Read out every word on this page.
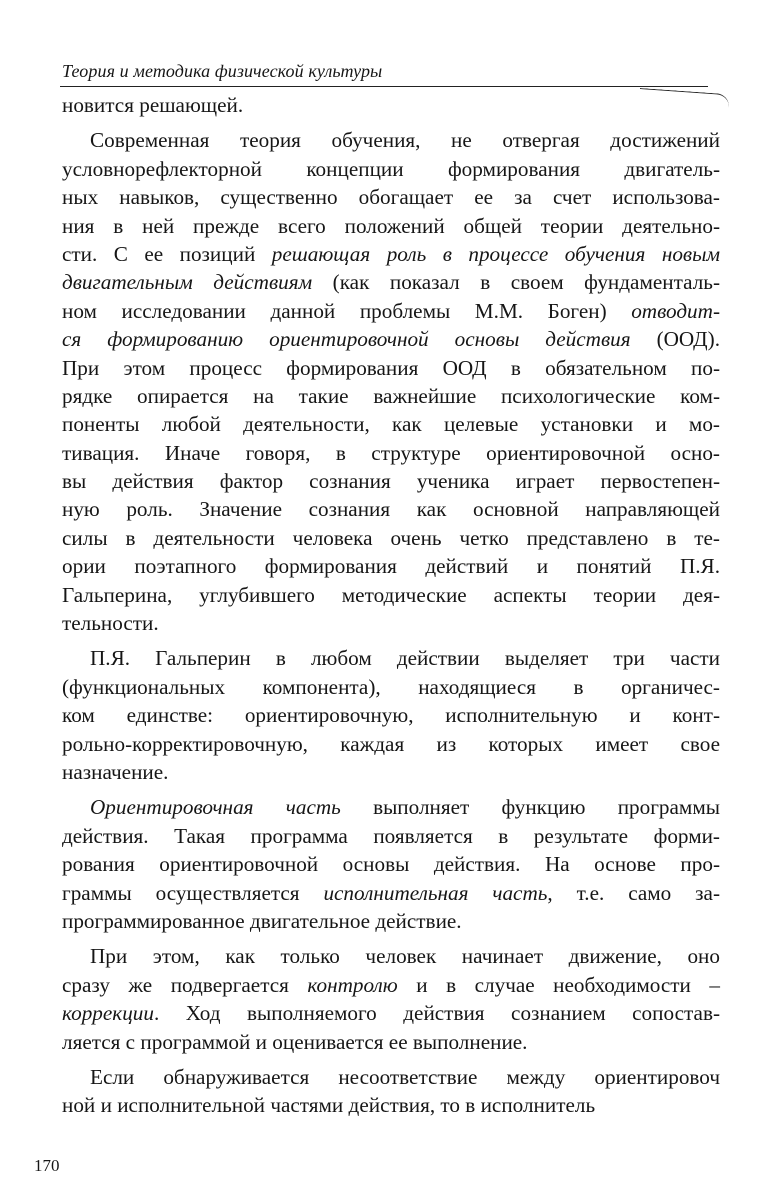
Теория и методика физической культуры
новится решающей.
Современная теория обучения, не отвергая достижений
условнорефлекторной концепции формирования двигатель-
ных навыков, существенно обогащает ее за счет использова-
ния в ней прежде всего положений общей теории деятельно-
сти. С ее позиций решающая роль в процессе обучения новым
двигательным действиям (как показал в своем фундаменталь-
ном исследовании данной проблемы М.М. Боген) отводит-
ся формированию ориентировочной основы действия (ООД).
При этом процесс формирования ООД в обязательном по-
рядке опирается на такие важнейшие психологические ком-
поненты любой деятельности, как целевые установки и мо-
тивация. Иначе говоря, в структуре ориентировочной осно-
вы действия фактор сознания ученика играет первостепен-
ную роль. Значение сознания как основной направляющей
силы в деятельности человека очень четко представлено в те-
ории поэтапного формирования действий и понятий П.Я.
Гальперина, углубившего методические аспекты теории дея-
тельности.
П.Я. Гальперин в любом действии выделяет три части
(функциональных компонента), находящиеся в органичес-
ком единстве: ориентировочную, исполнительную и конт-
рольно-корректировочную, каждая из которых имеет свое
назначение.
Ориентировочная часть выполняет функцию программы
действия. Такая программа появляется в результате форми-
рования ориентировочной основы действия. На основе про-
граммы осуществляется исполнительная часть, т.е. само за-
программированное двигательное действие.
При этом, как только человек начинает движение, оно
сразу же подвергается контролю и в случае необходимости –
коррекции. Ход выполняемого действия сознанием сопостав-
ляется с программой и оценивается ее выполнение.
Если обнаруживается несоответствие между ориентировоч
ной и исполнительной частями действия, то в исполнитель
170
